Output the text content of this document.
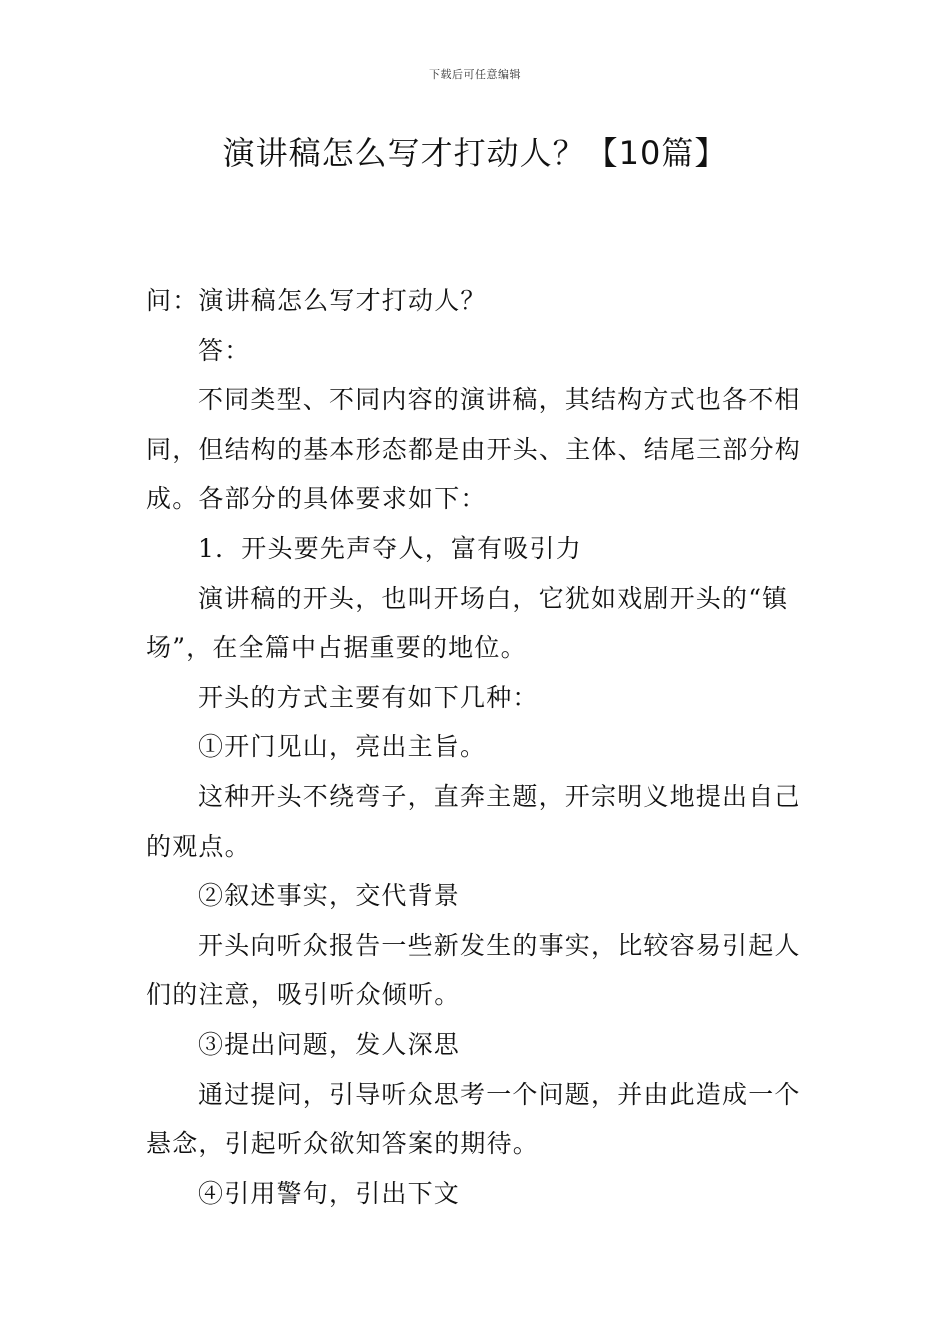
下载后可任意编辑
演讲稿怎么写才打动人？【10篇】

问：演讲稿怎么写才打动人？

答：

不同类型、不同内容的演讲稿，其结构方式也各不相同，但结构的基本形态都是由开头、主体、结尾三部分构成。各部分的具体要求如下：

1．开头要先声夺人，富有吸引力

演讲稿的开头，也叫开场白，它犹如戏剧开头的“镇场”，在全篇中占据重要的地位。

开头的方式主要有如下几种：

①开门见山，亮出主旨。

这种开头不绕弯子，直奔主题，开宗明义地提出自己的观点。

②叙述事实，交代背景

开头向听众报告一些新发生的事实，比较容易引起人们的注意，吸引听众倾听。

③提出问题，发人深思

通过提问，引导听众思考一个问题，并由此造成一个悬念，引起听众欲知答案的期待。

④引用警句，引出下文
